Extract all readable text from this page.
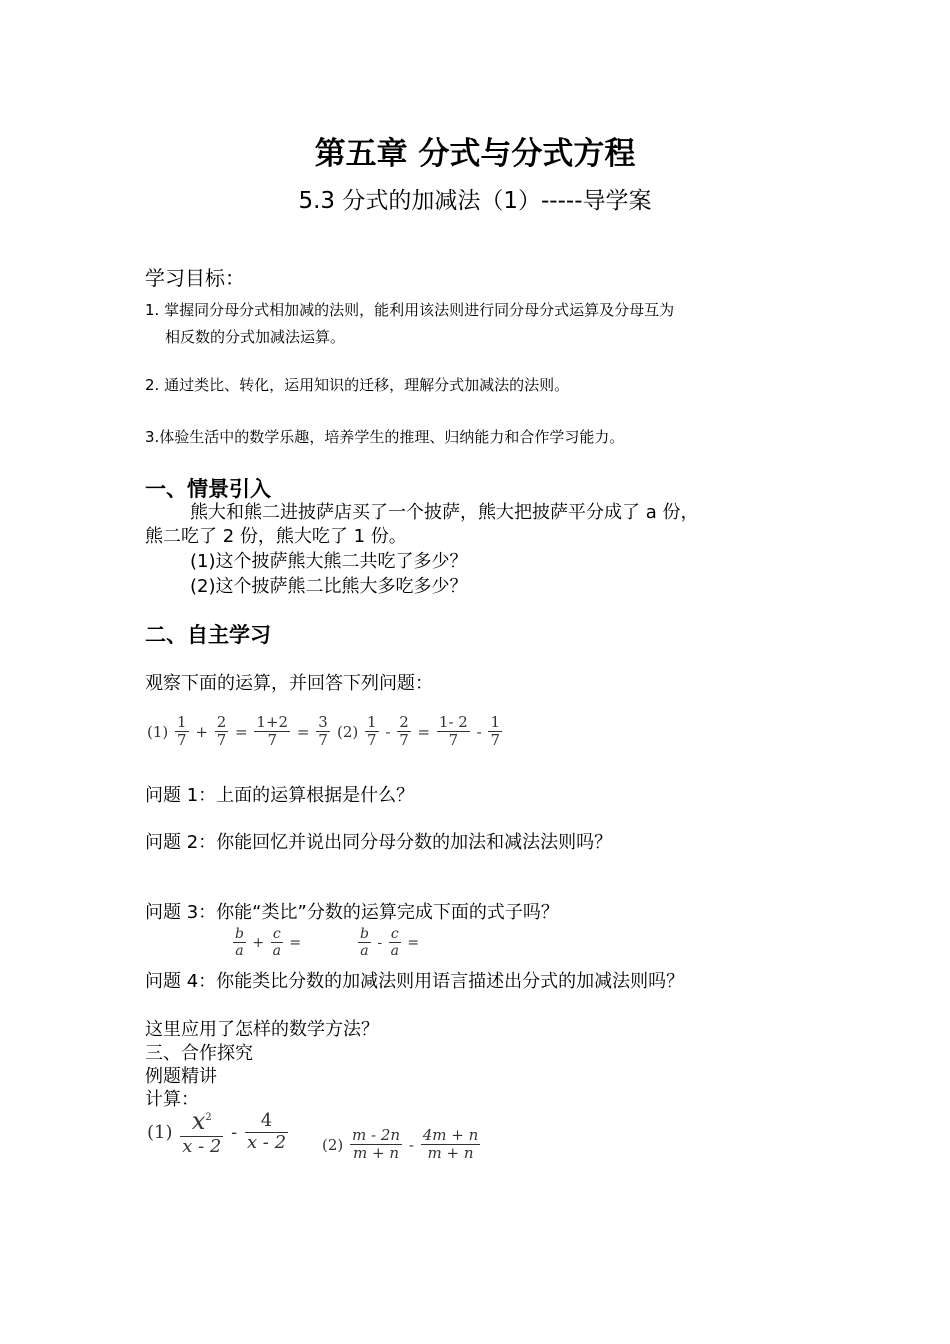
第五章 分式与分式方程
5.3 分式的加减法（1）-----导学案
学习目标：
1. 掌握同分母分式相加减的法则，能利用该法则进行同分母分式运算及分母互为
相反数的分式加减法运算。
2. 通过类比、转化，运用知识的迁移，理解分式加减法的法则。
3.体验生活中的数学乐趣，培养学生的推理、归纳能力和合作学习能力。
一、情景引入
熊大和熊二进披萨店买了一个披萨，熊大把披萨平分成了 a 份，
熊二吃了 2 份，熊大吃了 1 份。
(1)这个披萨熊大熊二共吃了多少？
(2)这个披萨熊二比熊大多吃多少？
二、自主学习
观察下面的运算，并回答下列问题：
$(1) \frac{1}{7} + \frac{2}{7} = \frac{1+2}{7} = \frac{3}{7} (2) \frac{1}{7} - \frac{2}{7} = \frac{1- 2}{7} - \frac{1}{7}$
问题 1：上面的运算根据是什么？
问题 2：你能回忆并说出同分母分数的加法和减法法则吗？
问题 3：你能“类比”分数的运算完成下面的式子吗？
$\frac{b}{a} + \frac{c}{a}$ =	$\frac{b}{a} - \frac{c}{a}$ =
问题 4：你能类比分数的加减法则用语言描述出分式的加减法则吗？
这里应用了怎样的数学方法？
三、合作探究
例题精讲
计算：
$(1) \frac{x^2}{x - 2} - \frac{4}{x - 2} (2) \frac{m - 2n}{m + n} - \frac{4m + n}{m + n}$
